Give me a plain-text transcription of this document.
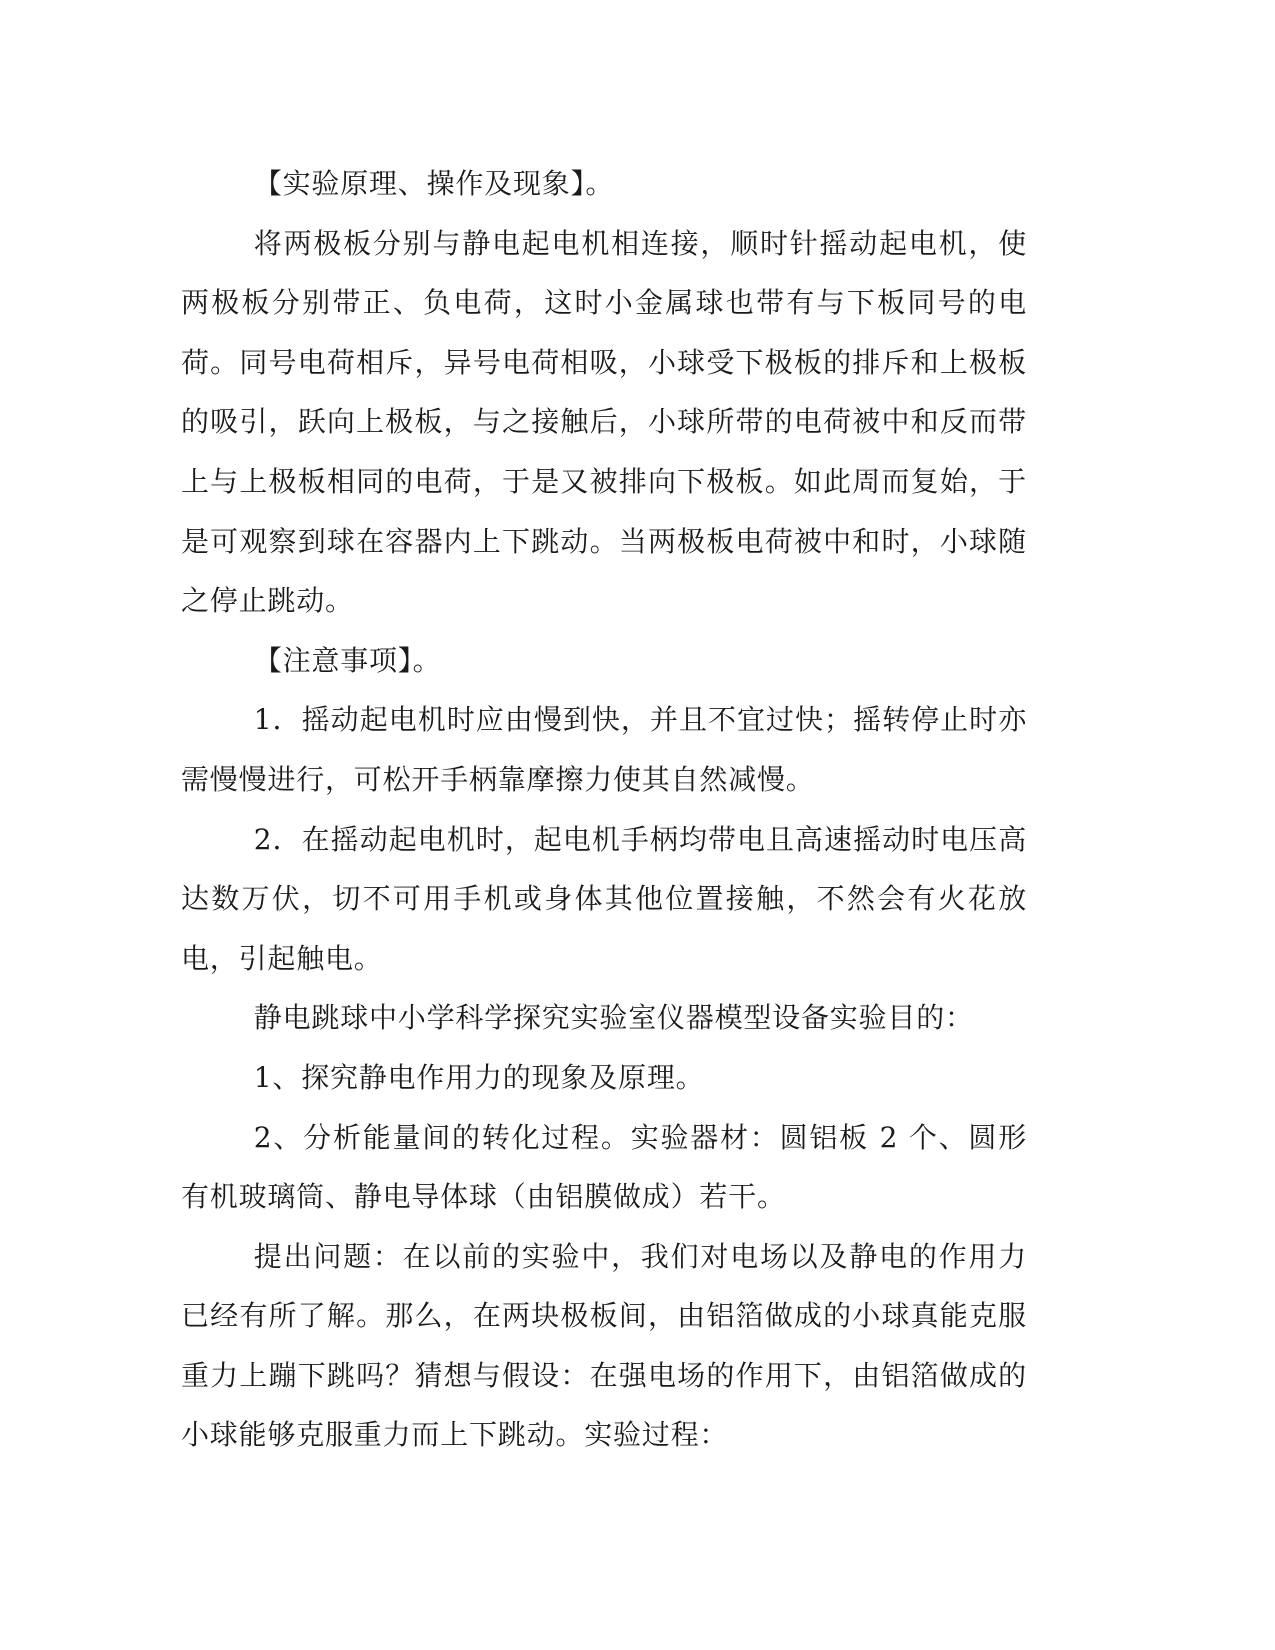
【实验原理、操作及现象】。

将两极板分别与静电起电机相连接，顺时针摇动起电机，使两极板分别带正、负电荷，这时小金属球也带有与下板同号的电荷。同号电荷相斥，异号电荷相吸，小球受下极板的排斥和上极板的吸引，跃向上极板，与之接触后，小球所带的电荷被中和反而带上与上极板相同的电荷，于是又被排向下极板。如此周而复始，于是可观察到球在容器内上下跳动。当两极板电荷被中和时，小球随之停止跳动。

【注意事项】。

1．摇动起电机时应由慢到快，并且不宜过快；摇转停止时亦需慢慢进行，可松开手柄靠摩擦力使其自然减慢。

2．在摇动起电机时，起电机手柄均带电且高速摇动时电压高达数万伏，切不可用手机或身体其他位置接触，不然会有火花放电，引起触电。

静电跳球中小学科学探究实验室仪器模型设备实验目的：

1、探究静电作用力的现象及原理。

2、分析能量间的转化过程。实验器材：圆铝板 2 个、圆形有机玻璃筒、静电导体球（由铝膜做成）若干。

提出问题：在以前的实验中，我们对电场以及静电的作用力已经有所了解。那么，在两块极板间，由铝箔做成的小球真能克服重力上蹦下跳吗？猜想与假设：在强电场的作用下，由铝箔做成的小球能够克服重力而上下跳动。实验过程：
